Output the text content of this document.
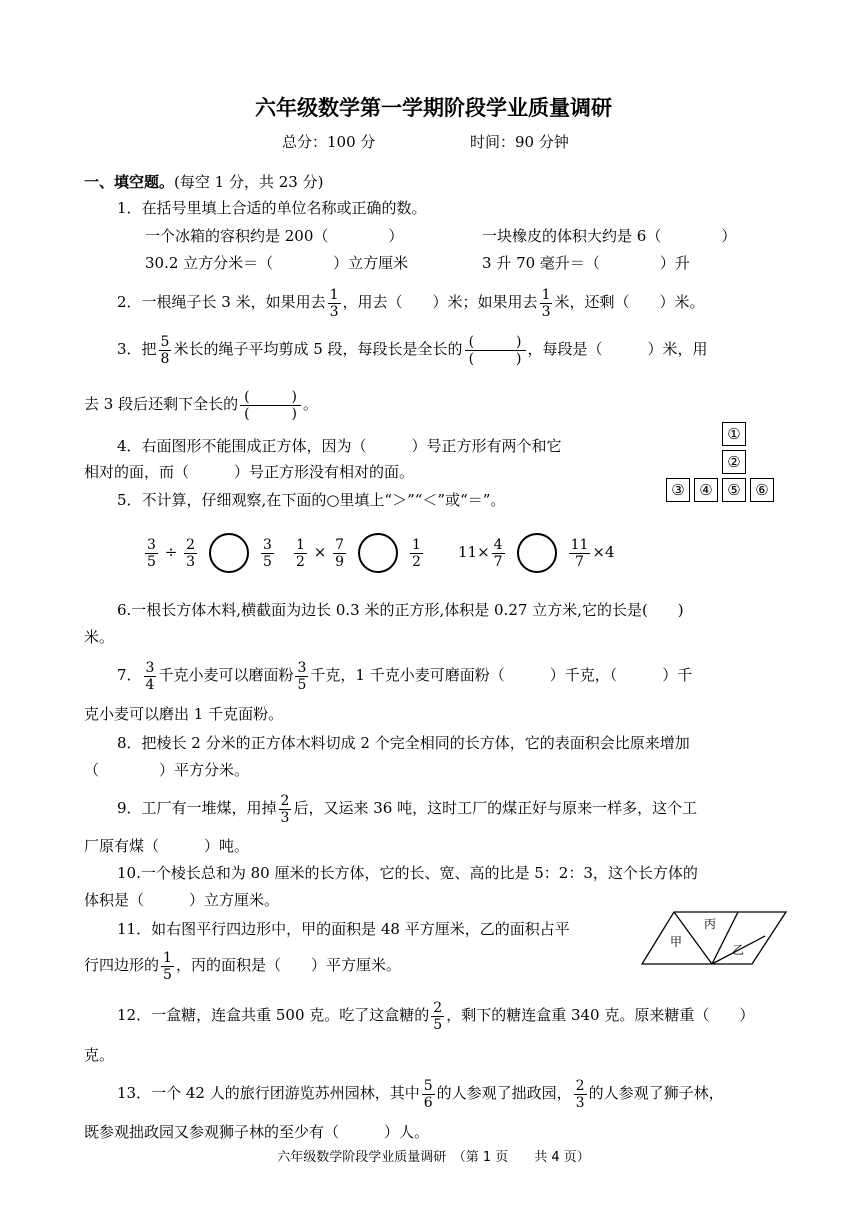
六年级数学第一学期阶段学业质量调研
总分：100 分	时间：90 分钟
一、填空题。(每空 1 分，共 23 分)
1．在括号里填上合适的单位名称或正确的数。
一个冰箱的容积约是 200（　　　　）	一块橡皮的体积大约是 6（　　　　）
30.2 立方分米＝（　　　　）立方厘米	3 升 70 毫升＝（　　　　）升
2．一根绳子长 3 米，如果用去 $\frac{1}{3}$ ，用去（　　）米；如果用去 $\frac{1}{3}$ 米，还剩（　　）米。
3．把 $\frac{5}{8}$ 米长的绳子平均剪成 5 段，每段长是全长的 (　　　)
(　　　)
，每段是（　　　）米，用
去 3 段后还剩下全长的 (　　　)
(　　　)
。
4．右面图形不能围成正方体，因为（　　　）号正方形有两个和它
相对的面，而（　　　）号正方形没有相对的面。
①
②
③ ④ ⑤ ⑥
5．不计算，仔细观察,在下面的○里填上“＞”“＜”或“＝”。
$\frac{3}{5} \div \frac{2}{3}$	$\frac{3}{5} \frac{1}{2} \times \frac{7}{9}$	$\frac{1}{2} 11\times \frac{4}{7}$	$\frac{11}{7} \times 4$
6.一根长方体木料,横截面为边长 0.3 米的正方形,体积是 0.27 立方米,它的长是(　　)
米。
7． $\frac{3}{4}$ 千克小麦可以磨面粉 $\frac{3}{5}$ 千克，1 千克小麦可磨面粉（　　　）千克，（　　　）千
克小麦可以磨出 1 千克面粉。
8．把棱长 2 分米的正方体木料切成 2 个完全相同的长方体，它的表面积会比原来增加
（　　　　）平方分米。
9．工厂有一堆煤，用掉 $\frac{2}{3}$ 后，又运来 36 吨，这时工厂的煤正好与原来一样多，这个工
厂原有煤（　　　）吨。
10.一个棱长总和为 80 厘米的长方体，它的长、宽、高的比是 5：2：3，这个长方体的
体积是（　　　）立方厘米。
11．如右图平行四边形中，甲的面积是 48 平方厘米，乙的面积占平
行四边形的 $\frac{1}{5}$ ，丙的面积是（　　）平方厘米。
甲
丙
乙
12．一盒糖，连盒共重 500 克。吃了这盒糖的 $\frac{2}{5}$ ，剩下的糖连盒重 340 克。原来糖重（　　）
克。
13．一个 42 人的旅行团游览苏州园林，其中 $\frac{5}{6}$ 的人参观了拙政园， $\frac{2}{3}$ 的人参观了狮子林，
既参观拙政园又参观狮子林的至少有（　　　）人。
六年级数学阶段学业质量调研　（第 1 页　　共 4 页）
